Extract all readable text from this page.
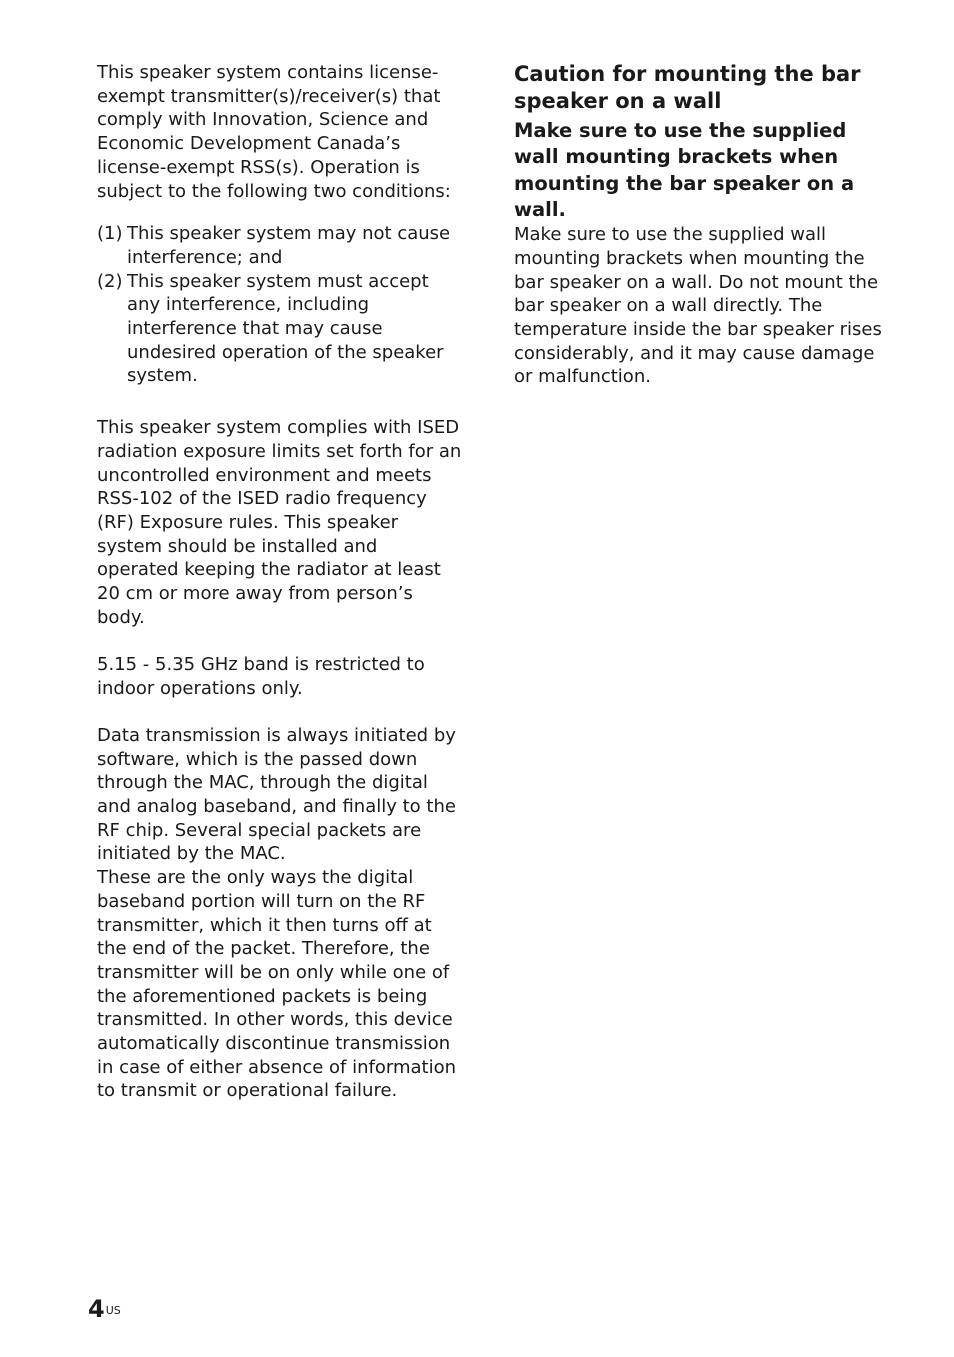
This speaker system contains license-exempt transmitter(s)/receiver(s) that comply with Innovation, Science and Economic Development Canada’s license-exempt RSS(s). Operation is subject to the following two conditions:

(1) This speaker system may not cause interference; and
(2) This speaker system must accept any interference, including interference that may cause undesired operation of the speaker system.

This speaker system complies with ISED radiation exposure limits set forth for an uncontrolled environment and meets RSS-102 of the ISED radio frequency (RF) Exposure rules. This speaker system should be installed and operated keeping the radiator at least 20 cm or more away from person’s body.

5.15 - 5.35 GHz band is restricted to indoor operations only.

Data transmission is always initiated by software, which is the passed down through the MAC, through the digital and analog baseband, and finally to the RF chip. Several special packets are initiated by the MAC.

These are the only ways the digital baseband portion will turn on the RF transmitter, which it then turns off at the end of the packet. Therefore, the transmitter will be on only while one of the aforementioned packets is being transmitted. In other words, this device automatically discontinue transmission in case of either absence of information to transmit or operational failure.

Caution for mounting the bar speaker on a wall
Make sure to use the supplied wall mounting brackets when mounting the bar speaker on a wall.

Make sure to use the supplied wall mounting brackets when mounting the bar speaker on a wall. Do not mount the bar speaker on a wall directly. The temperature inside the bar speaker rises considerably, and it may cause damage or malfunction.

$4^{US}$
